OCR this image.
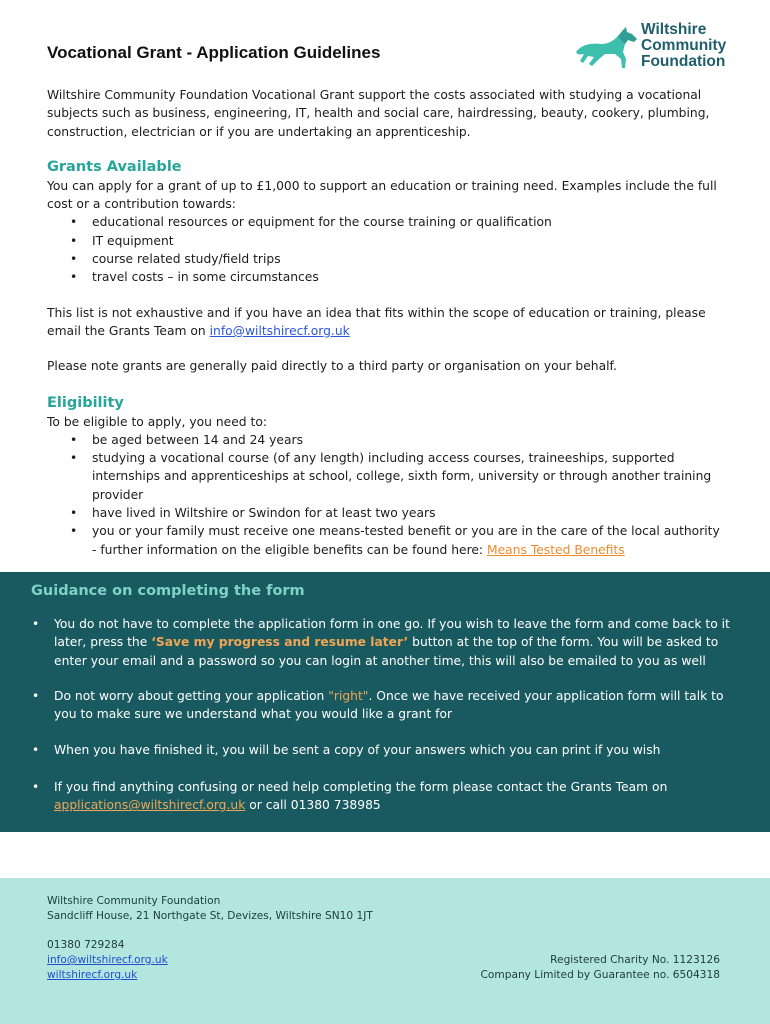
Vocational Grant - Application Guidelines
Wiltshire
Community
Foundation

Wiltshire Community Foundation Vocational Grant support the costs associated with studying a vocational subjects such as business, engineering, IT, health and social care, hairdressing, beauty, cookery, plumbing, construction, electrician or if you are undertaking an apprenticeship.

Grants Available

You can apply for a grant of up to £1,000 to support an education or training need. Examples include the full cost or a contribution towards:

• educational resources or equipment for the course training or qualification
• IT equipment
• course related study/field trips
• travel costs – in some circumstances

This list is not exhaustive and if you have an idea that fits within the scope of education or training, please email the Grants Team on info@wiltshirecf.org.uk

Please note grants are generally paid directly to a third party or organisation on your behalf.

Eligibility

To be eligible to apply, you need to:

• be aged between 14 and 24 years
• studying a vocational course (of any length) including access courses, traineeships, supported internships and apprenticeships at school, college, sixth form, university or through another training provider
• have lived in Wiltshire or Swindon for at least two years
• you or your family must receive one means-tested benefit or you are in the care of the local authority - further information on the eligible benefits can be found here: Means Tested Benefits
Guidance on completing the form
• You do not have to complete the application form in one go. If you wish to leave the form and come back to it later, press the ‘Save my progress and resume later’ button at the top of the form. You will be asked to enter your email and a password so you can login at another time, this will also be emailed to you as well
• Do not worry about getting your application "right". Once we have received your application form will talk to you to make sure we understand what you would like a grant for
• When you have finished it, you will be sent a copy of your answers which you can print if you wish
• If you find anything confusing or need help completing the form please contact the Grants Team on applications@wiltshirecf.org.uk or call 01380 738985
Wiltshire Community Foundation
Sandcliff House, 21 Northgate St, Devizes, Wiltshire SN10 1JT
01380 729284
info@wiltshirecf.org.uk
wiltshirecf.org.uk
Registered Charity No. 1123126
Company Limited by Guarantee no. 6504318
